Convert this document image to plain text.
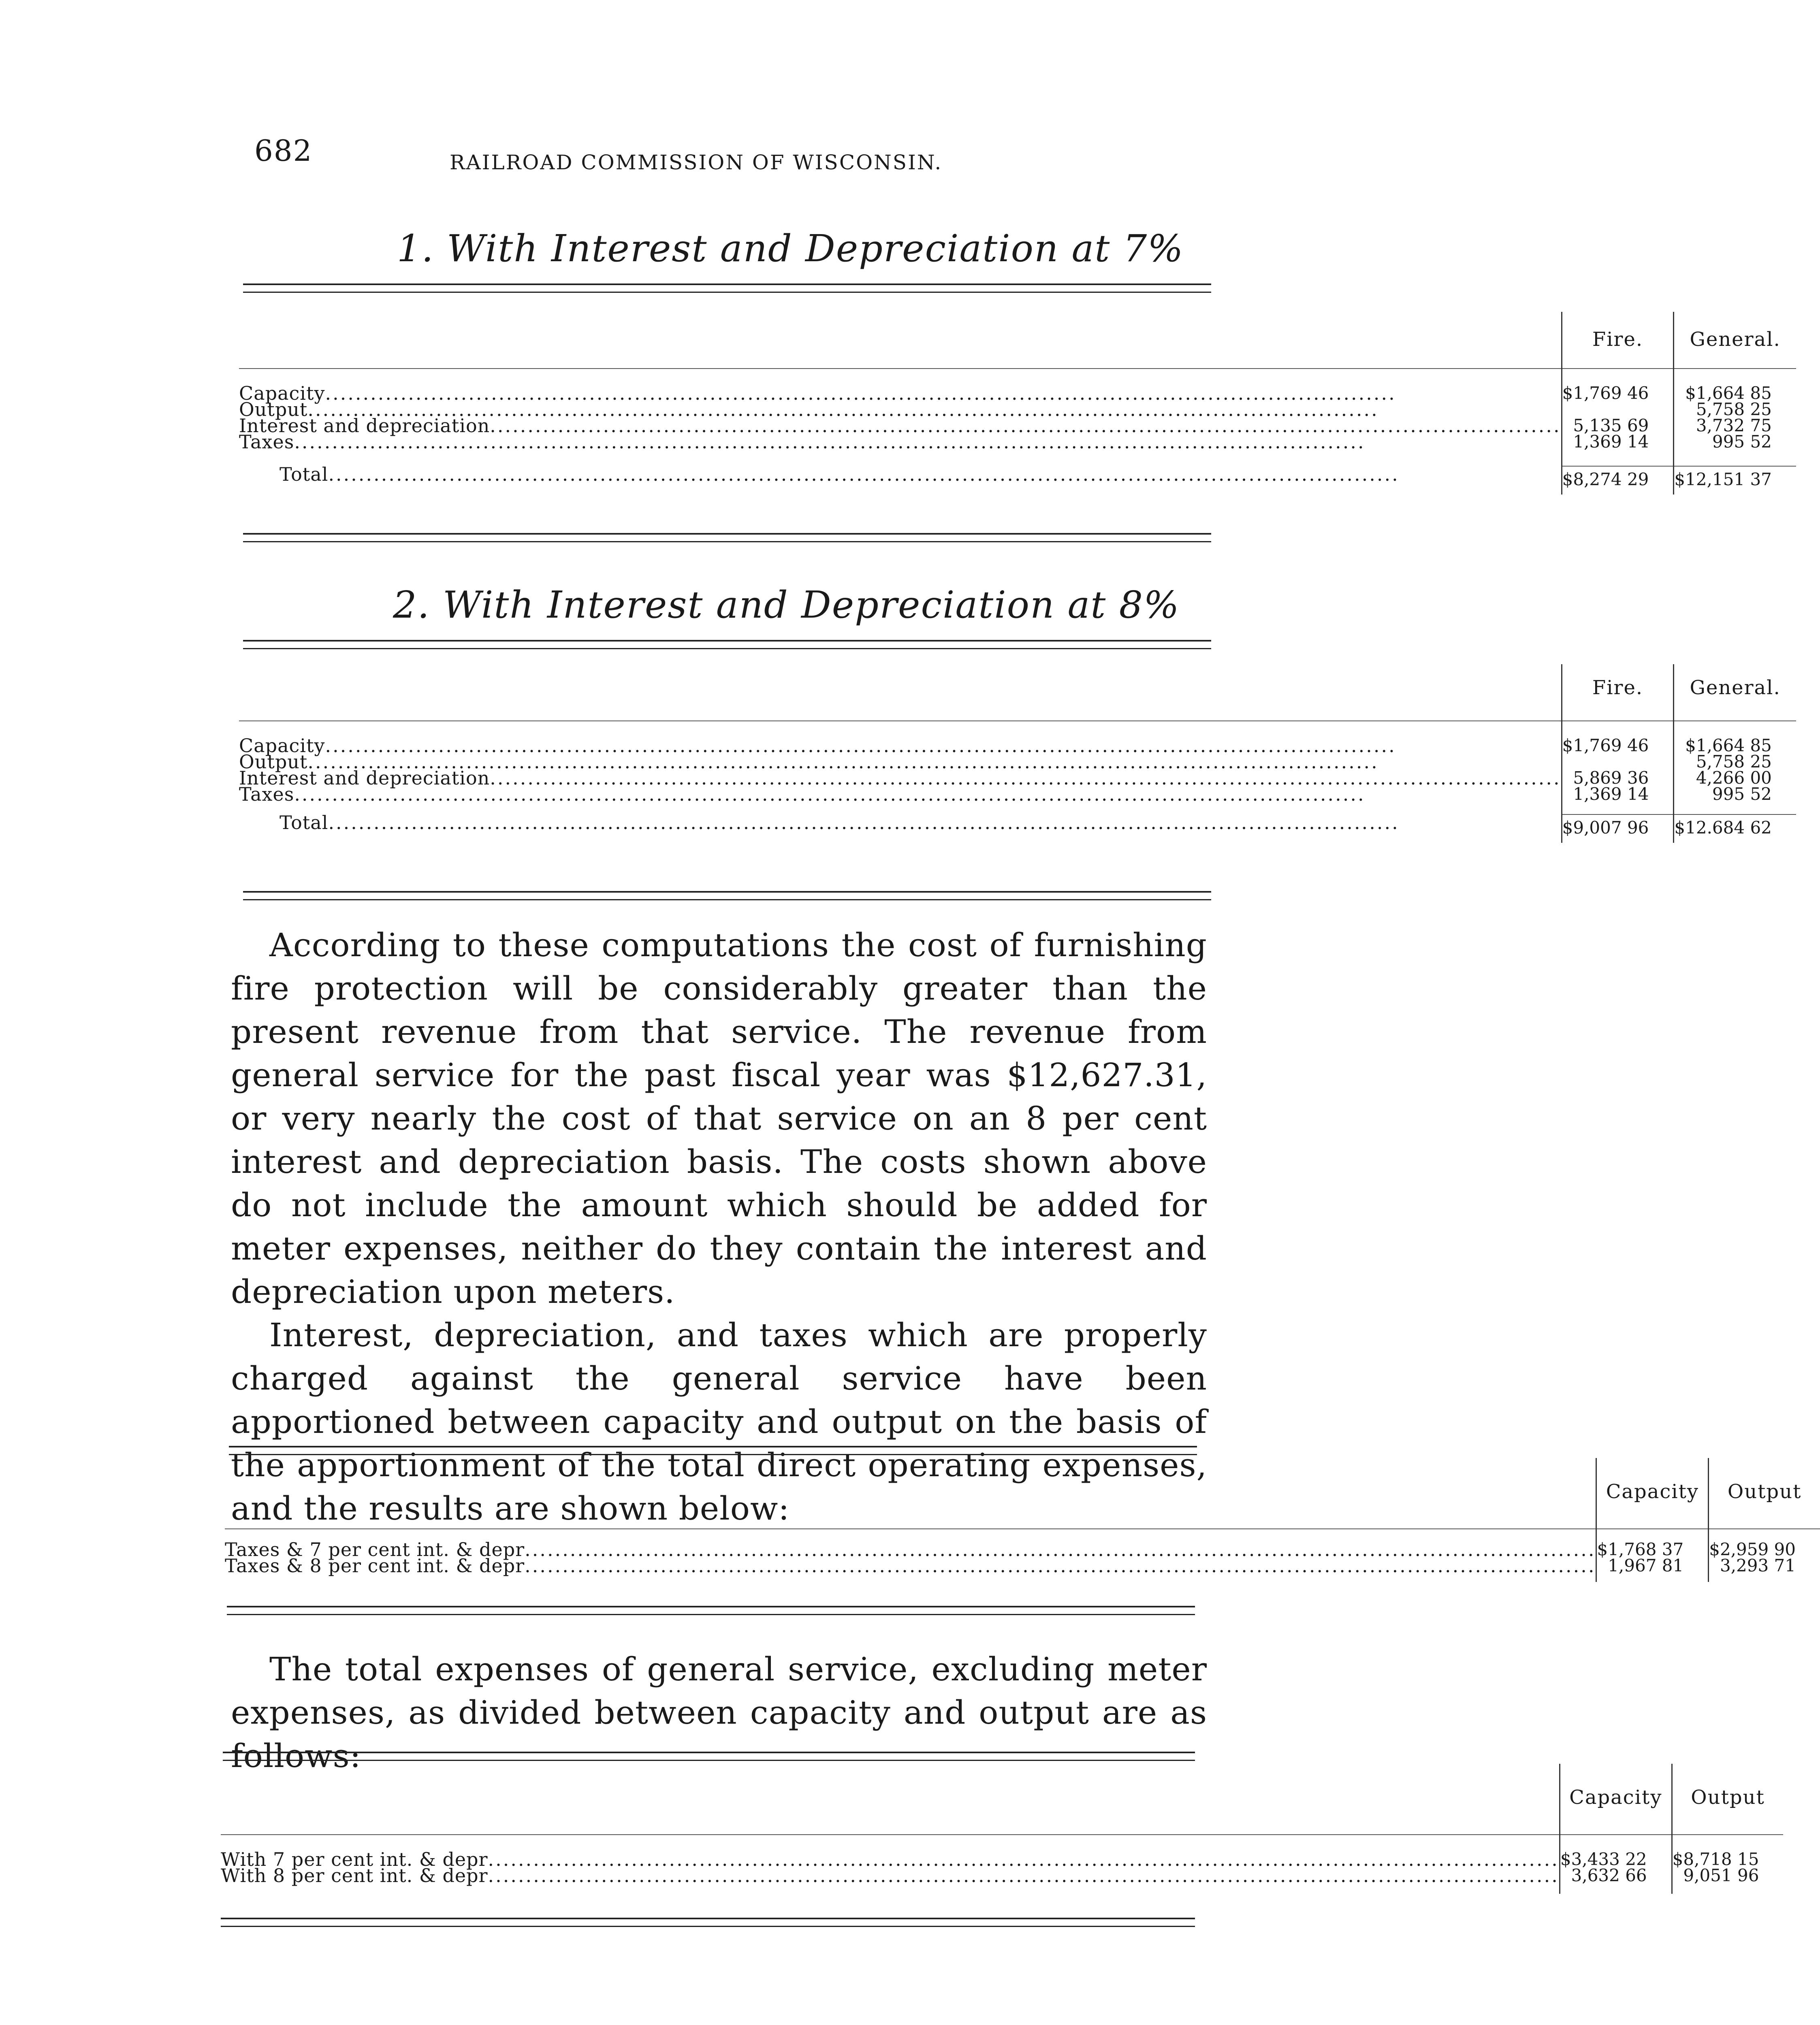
682	RAILROAD COMMISSION OF WISCONSIN.
1. With Interest and Depreciation at 7%
	Fire.	General.

Capacity .....	$1,769 46	$1,664 85
Output .....		5,758 25
Interest and depreciation .....	5,135 69	3,732 75
Taxes .....	1,369 14	995 52

Total .....	$8,274 29	$12,151 37
2. With Interest and Depreciation at 8%
	Fire.	General.

Capacity .....	$1,769 46	$1,664 85
Output .....		5,758 25
Interest and depreciation .....	5,869 36	4,266 00
Taxes .....	1,369 14	995 52

Total .....	$9,007 96	$12.684 62

According to these computations the cost of furnishing fire protection will be considerably greater than the present revenue from that service. The revenue from general service for the past fiscal year was $12,627.31, or very nearly the cost of that service on an 8 per cent interest and depreciation basis. The costs shown above do not include the amount which should be added for meter expenses, neither do they contain the interest and depreciation upon meters.

Interest, depreciation, and taxes which are properly charged against the general service have been apportioned between capacity and output on the basis of the apportionment of the total direct operating expenses, and the results are shown below:

		Capacity	Output

Taxes & 7 per cent int. & depr .....	$1,768 37	$2,959 90
Taxes & 8 per cent int. & depr .....	1,967 81	3,293 71

The total expenses of general service, excluding meter expenses, as divided between capacity and output are as follows:

	Capacity	Output

With 7 per cent int. & depr .....	$3,433 22	$8,718 15
With 8 per cent int. & depr .....	3,632 66	9,051 96
